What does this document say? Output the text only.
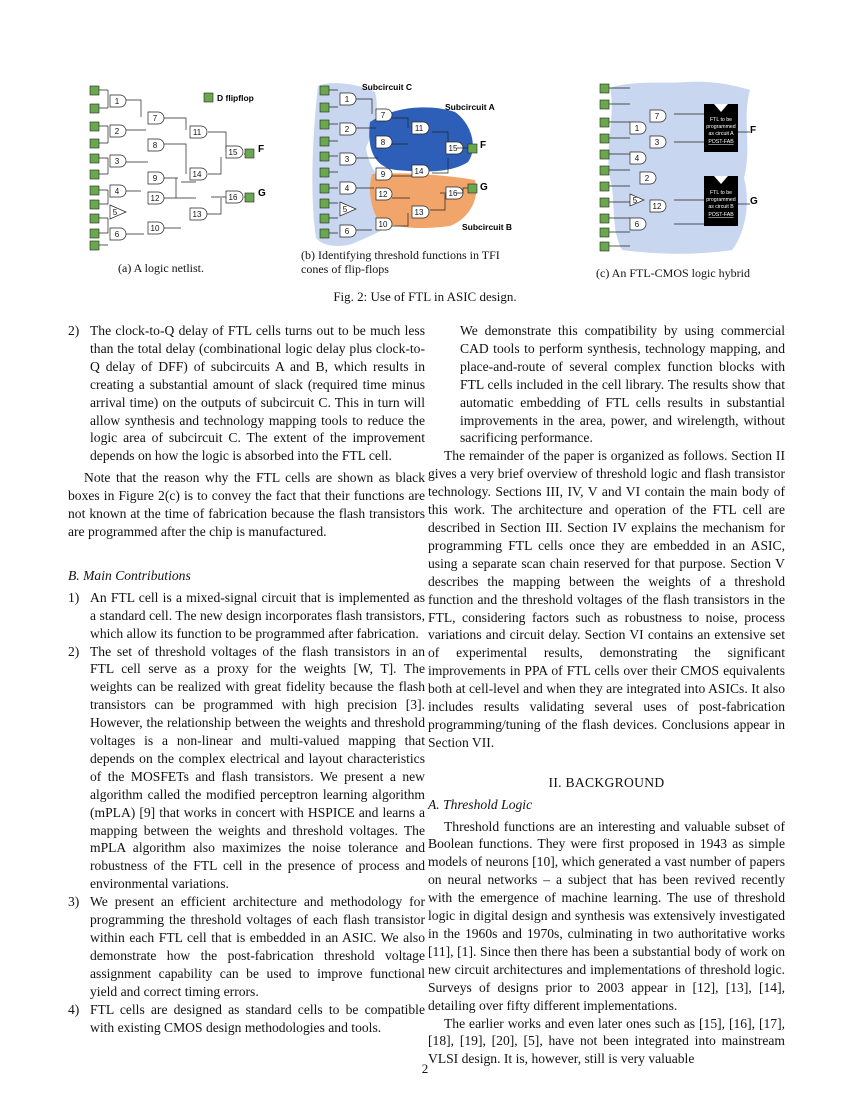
1
2
3
4
5
6
7
8
9
10
11
12
13
14
15
16
F
G
D flipflop
(a) A logic netlist.
1
2
3
4
5
6
7
8
9
10
11
12
13
14
15
16
F
G
Subcircuit C
Subcircuit A
Subcircuit B
(b) Identifying threshold functions in TFI
cones of flip-flops
7
1
3
4
2
5
12
6
FTL to be
programmed
as circuit A
POST-FAB
FTL to be
programmed
as circuit B
POST-FAB
F
G
(c) An FTL-CMOS logic hybrid
Fig. 2: Use of FTL in ASIC design.
2) The clock-to-Q delay of FTL cells turns out to be much less than the total delay (combinational logic delay plus clock-to-Q delay of DFF) of subcircuits A and B, which results in creating a substantial amount of slack (required time minus arrival time) on the outputs of subcircuit C. This in turn will allow synthesis and technology mapping tools to reduce the logic area of subcircuit C. The extent of the improvement depends on how the logic is absorbed into the FTL cell.

Note that the reason why the FTL cells are shown as black boxes in Figure 2(c) is to convey the fact that their functions are not known at the time of fabrication because the flash transistors are programmed after the chip is manufactured.

B. Main Contributions
1) An FTL cell is a mixed-signal circuit that is implemented as a standard cell. The new design incorporates flash transistors, which allow its function to be programmed after fabrication.
2) The set of threshold voltages of the flash transistors in an FTL cell serve as a proxy for the weights [W, T]. The weights can be realized with great fidelity because the flash transistors can be programmed with high precision [3]. However, the relationship between the weights and threshold voltages is a non-linear and multi-valued mapping that depends on the complex electrical and layout characteristics of the MOSFETs and flash transistors. We present a new algorithm called the modified perceptron learning algorithm (mPLA) [9] that works in concert with HSPICE and learns a mapping between the weights and threshold voltages. The mPLA algorithm also maximizes the noise tolerance and robustness of the FTL cell in the presence of process and environmental variations.
3) We present an efficient architecture and methodology for programming the threshold voltages of each flash transistor within each FTL cell that is embedded in an ASIC. We also demonstrate how the post-fabrication threshold voltage assignment capability can be used to improve functional yield and correct timing errors.
4) FTL cells are designed as standard cells to be compatible with existing CMOS design methodologies and tools.
We demonstrate this compatibility by using commercial CAD tools to perform synthesis, technology mapping, and place-and-route of several complex function blocks with FTL cells included in the cell library. The results show that automatic embedding of FTL cells results in substantial improvements in the area, power, and wirelength, without sacrificing performance.

The remainder of the paper is organized as follows. Section II gives a very brief overview of threshold logic and flash transistor technology. Sections III, IV, V and VI contain the main body of this work. The architecture and operation of the FTL cell are described in Section III. Section IV explains the mechanism for programming FTL cells once they are embedded in an ASIC, using a separate scan chain reserved for that purpose. Section V describes the mapping between the weights of a threshold function and the threshold voltages of the flash transistors in the FTL, considering factors such as robustness to noise, process variations and circuit delay. Section VI contains an extensive set of experimental results, demonstrating the significant improvements in PPA of FTL cells over their CMOS equivalents both at cell-level and when they are integrated into ASICs. It also includes results validating several uses of post-fabrication programming/tuning of the flash devices. Conclusions appear in Section VII.

II. BACKGROUND
A. Threshold Logic

Threshold functions are an interesting and valuable subset of Boolean functions. They were first proposed in 1943 as simple models of neurons [10], which generated a vast number of papers on neural networks – a subject that has been revived recently with the emergence of machine learning. The use of threshold logic in digital design and synthesis was extensively investigated in the 1960s and 1970s, culminating in two authoritative works [11], [1]. Since then there has been a substantial body of work on new circuit architectures and implementations of threshold logic. Surveys of designs prior to 2003 appear in [12], [13], [14], detailing over fifty different implementations.

The earlier works and even later ones such as [15], [16], [17], [18], [19], [20], [5], have not been integrated into mainstream VLSI design. It is, however, still is very valuable

2
